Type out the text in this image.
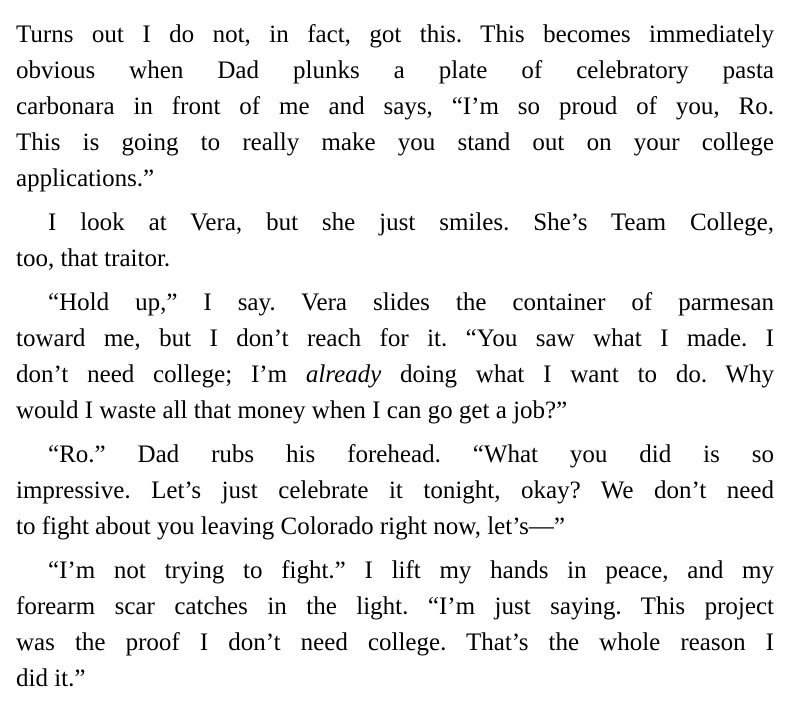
Turns out I do not, in fact, got this. This becomes immediately
obvious when Dad plunks a plate of celebratory pasta
carbonara in front of me and says, “I’m so proud of you, Ro.
This is going to really make you stand out on your college
applications.”
I look at Vera, but she just smiles. She’s Team College,
too, that traitor.
“Hold up,” I say. Vera slides the container of parmesan
toward me, but I don’t reach for it. “You saw what I made. I
don’t need college; I’m already doing what I want to do. Why
would I waste all that money when I can go get a job?”
“Ro.” Dad rubs his forehead. “What you did is so
impressive. Let’s just celebrate it tonight, okay? We don’t need
to fight about you leaving Colorado right now, let’s—”
“I’m not trying to fight.” I lift my hands in peace, and my
forearm scar catches in the light. “I’m just saying. This project
was the proof I don’t need college. That’s the whole reason I
did it.”
